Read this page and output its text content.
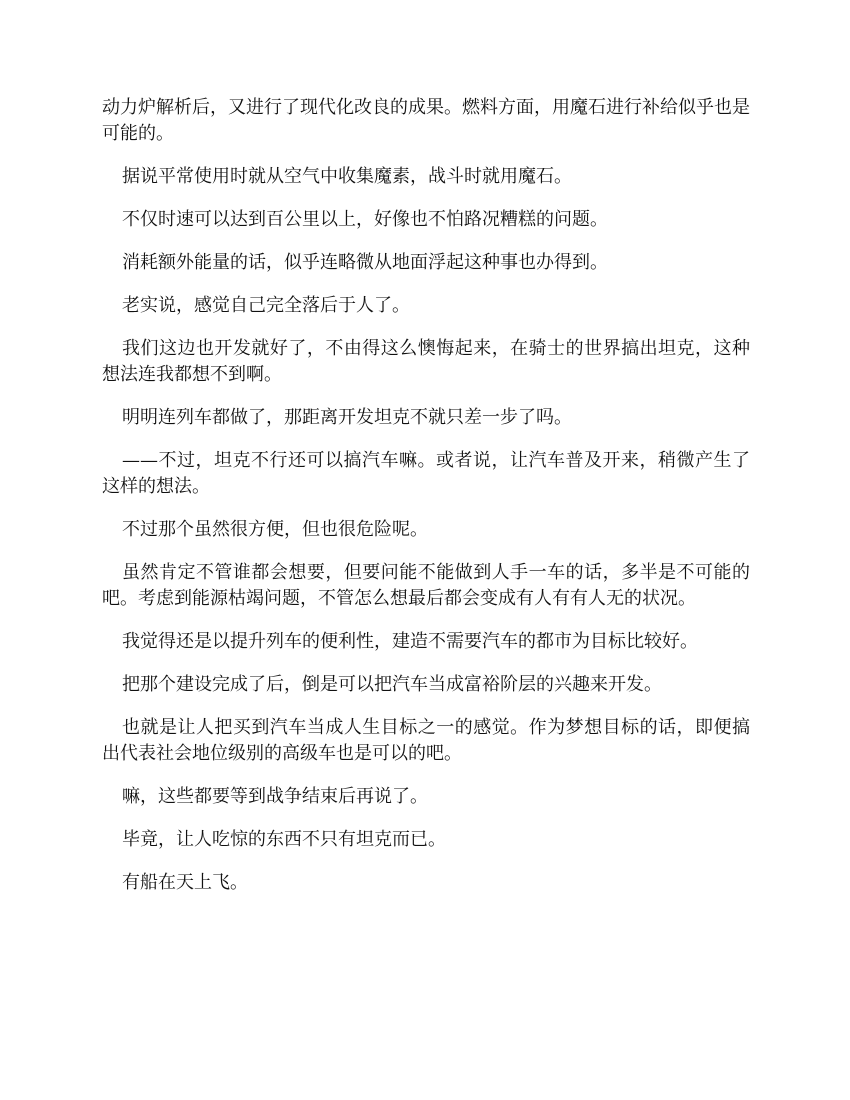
动力炉解析后，又进行了现代化改良的成果。燃料方面，用魔石进行补给似乎也是可能的。

据说平常使用时就从空气中收集魔素，战斗时就用魔石。

不仅时速可以达到百公里以上，好像也不怕路况糟糕的问题。

消耗额外能量的话，似乎连略微从地面浮起这种事也办得到。

老实说，感觉自己完全落后于人了。

我们这边也开发就好了，不由得这么懊悔起来，在骑士的世界搞出坦克，这种想法连我都想不到啊。

明明连列车都做了，那距离开发坦克不就只差一步了吗。

——不过，坦克不行还可以搞汽车嘛。或者说，让汽车普及开来，稍微产生了这样的想法。

不过那个虽然很方便，但也很危险呢。

虽然肯定不管谁都会想要，但要问能不能做到人手一车的话，多半是不可能的吧。考虑到能源枯竭问题，不管怎么想最后都会变成有人有有人无的状况。

我觉得还是以提升列车的便利性，建造不需要汽车的都市为目标比较好。

把那个建设完成了后，倒是可以把汽车当成富裕阶层的兴趣来开发。

也就是让人把买到汽车当成人生目标之一的感觉。作为梦想目标的话，即便搞出代表社会地位级别的高级车也是可以的吧。

嘛，这些都要等到战争结束后再说了。

毕竟，让人吃惊的东西不只有坦克而已。

有船在天上飞。
